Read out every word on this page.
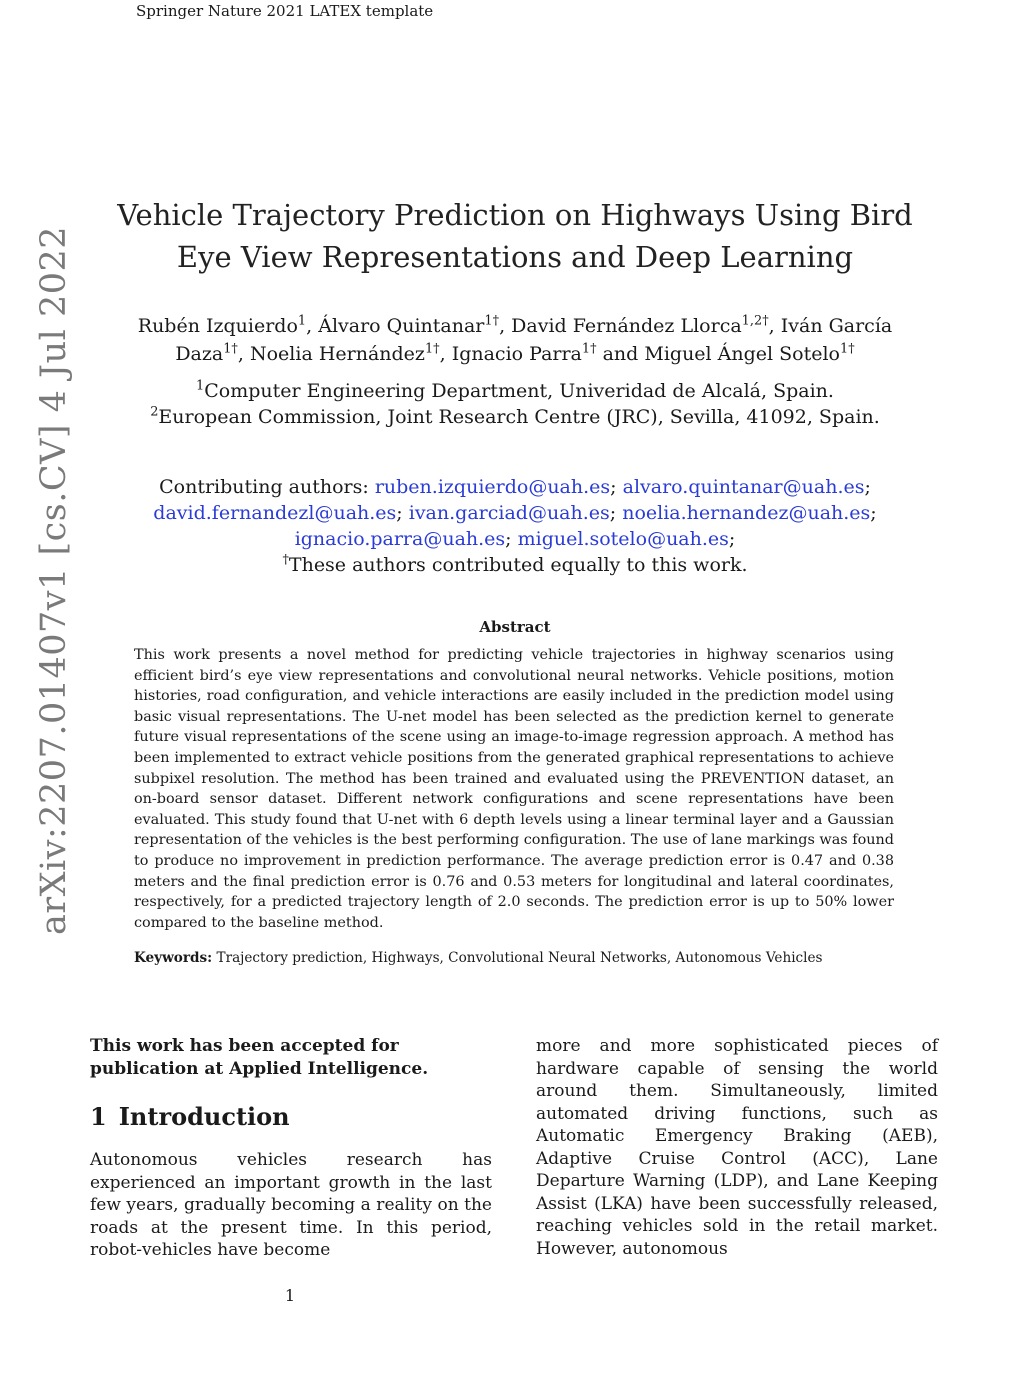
Springer Nature 2021 LATEX template
arXiv:2207.01407v1 [cs.CV] 4 Jul 2022
Vehicle Trajectory Prediction on Highways Using Bird Eye View Representations and Deep Learning
Rubén Izquierdo$^1$, Álvaro Quintanar$^{1\dagger}$, David Fernández Llorca$^{1,2\dagger}$, Iván García Daza$^{1\dagger}$, Noelia Hernández$^{1\dagger}$, Ignacio Parra$^{1\dagger}$ and Miguel Ángel Sotelo$^{1\dagger}$
$^1$Computer Engineering Department, Univeridad de Alcalá, Spain.
$^2$European Commission, Joint Research Centre (JRC), Sevilla, 41092, Spain.
Contributing authors: ruben.izquierdo@uah.es; alvaro.quintanar@uah.es;
david.fernandezl@uah.es; ivan.garciad@uah.es; noelia.hernandez@uah.es;
ignacio.parra@uah.es; miguel.sotelo@uah.es;
†These authors contributed equally to this work.
Abstract
This work presents a novel method for predicting vehicle trajectories in highway scenarios using efficient bird’s eye view representations and convolutional neural networks. Vehicle positions, motion histories, road configuration, and vehicle interactions are easily included in the prediction model using basic visual representations. The U-net model has been selected as the prediction kernel to generate future visual representations of the scene using an image-to-image regression approach. A method has been implemented to extract vehicle positions from the generated graphical representations to achieve subpixel resolution. The method has been trained and evaluated using the PREVENTION dataset, an on-board sensor dataset. Different network configurations and scene representations have been evaluated. This study found that U-net with 6 depth levels using a linear terminal layer and a Gaussian representation of the vehicles is the best performing configuration. The use of lane markings was found to produce no improvement in prediction performance. The average prediction error is 0.47 and 0.38 meters and the final prediction error is 0.76 and 0.53 meters for longitudinal and lateral coordinates, respectively, for a predicted trajectory length of 2.0 seconds. The prediction error is up to 50% lower compared to the baseline method.
Keywords: Trajectory prediction, Highways, Convolutional Neural Networks, Autonomous Vehicles

This work has been accepted for publication at Applied Intelligence.

1 Introduction

Autonomous vehicles research has experienced an important growth in the last few years, gradually becoming a reality on the roads at the present time. In this period, robot-vehicles have become

more and more sophisticated pieces of hardware capable of sensing the world around them. Simultaneously, limited automated driving functions, such as Automatic Emergency Braking (AEB), Adaptive Cruise Control (ACC), Lane Departure Warning (LDP), and Lane Keeping Assist (LKA) have been successfully released, reaching vehicles sold in the retail market. However, autonomous

1
